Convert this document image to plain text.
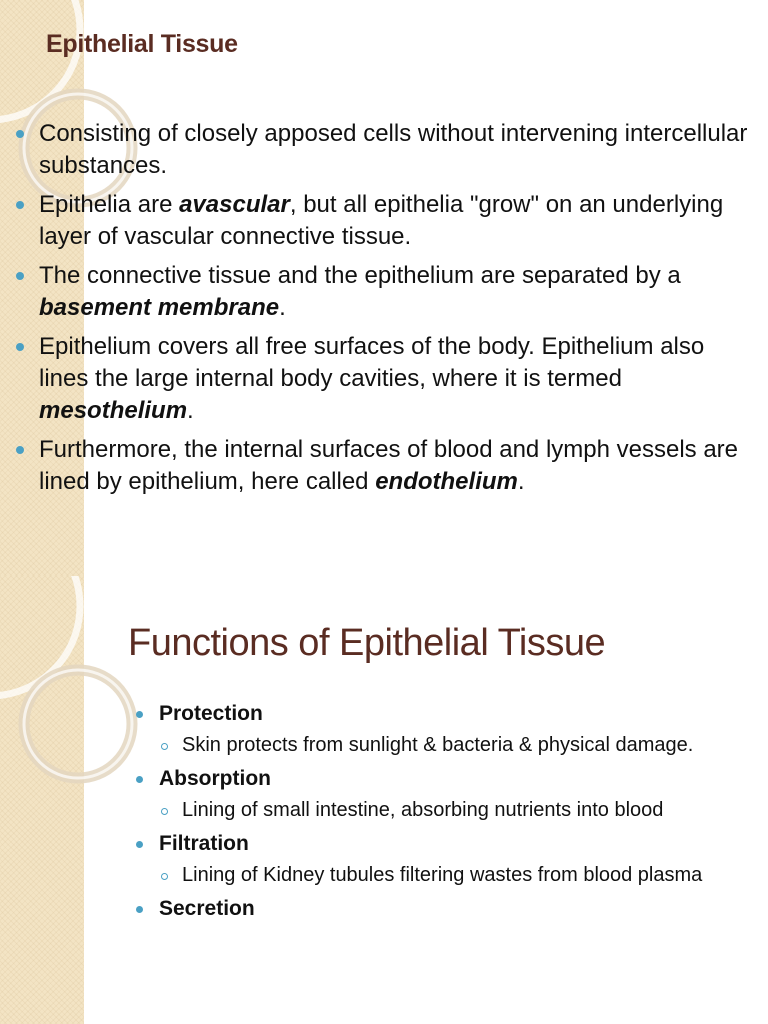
Epithelial Tissue
Consisting of closely apposed cells without intervening intercellular substances.
Epithelia are avascular, but all epithelia "grow" on an underlying layer of vascular connective tissue.
The connective tissue and the epithelium are separated by a basement membrane.
Epithelium covers all free surfaces of the body. Epithelium also lines the large internal body cavities, where it is termed mesothelium.
Furthermore, the internal surfaces of blood and lymph vessels are lined by epithelium, here called endothelium.
Functions of Epithelial Tissue
Protection
Skin protects from sunlight & bacteria & physical damage.
Absorption
Lining of small intestine, absorbing nutrients into blood
Filtration
Lining of Kidney tubules filtering wastes from blood plasma
Secretion
